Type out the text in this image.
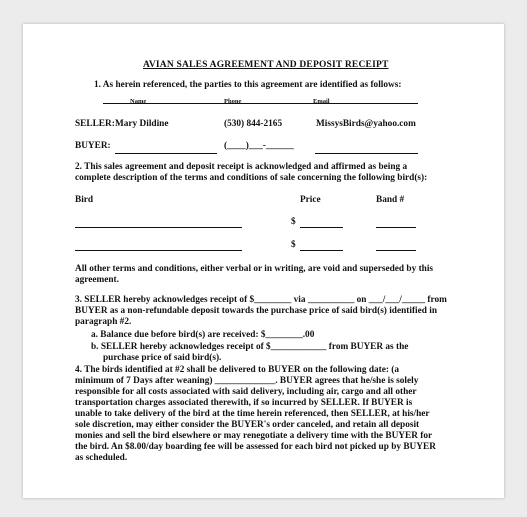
AVIAN SALES AGREEMENT AND DEPOSIT RECEIPT
1. As herein referenced, the parties to this agreement are identified as follows:
Name	Phone	Email
SELLER: Mary Dildine	(530) 844-2165	MissysBirds@yahoo.com
BUYER:	(____)___-______
2. This sales agreement and deposit receipt is acknowledged and affirmed as being a
complete description of the terms and conditions of sale concerning the following bird(s):
Bird	Price	Band #
$
$
All other terms and conditions, either verbal or in writing, are void and superseded by this
agreement.
3. SELLER hereby acknowledges receipt of $________ via __________ on ___/___/_____ from
BUYER as a non-refundable deposit towards the purchase price of said bird(s) identified in
paragraph #2.
a. Balance due before bird(s) are received: $________.00
b. SELLER hereby acknowledges receipt of $____________ from BUYER as the
purchase price of said bird(s).
4. The birds identified at #2 shall be delivered to BUYER on the following date: (a
minimum of 7 Days after weaning) _____________. BUYER agrees that he/she is solely
responsible for all costs associated with said delivery, including air, cargo and all other
transportation charges associated therewith, if so incurred by SELLER. If BUYER is
unable to take delivery of the bird at the time herein referenced, then SELLER, at his/her
sole discretion, may either consider the BUYER's order canceled, and retain all deposit
monies and sell the bird elsewhere or may renegotiate a delivery time with the BUYER for
the bird. An $8.00/day boarding fee will be assessed for each bird not picked up by BUYER
as scheduled.
